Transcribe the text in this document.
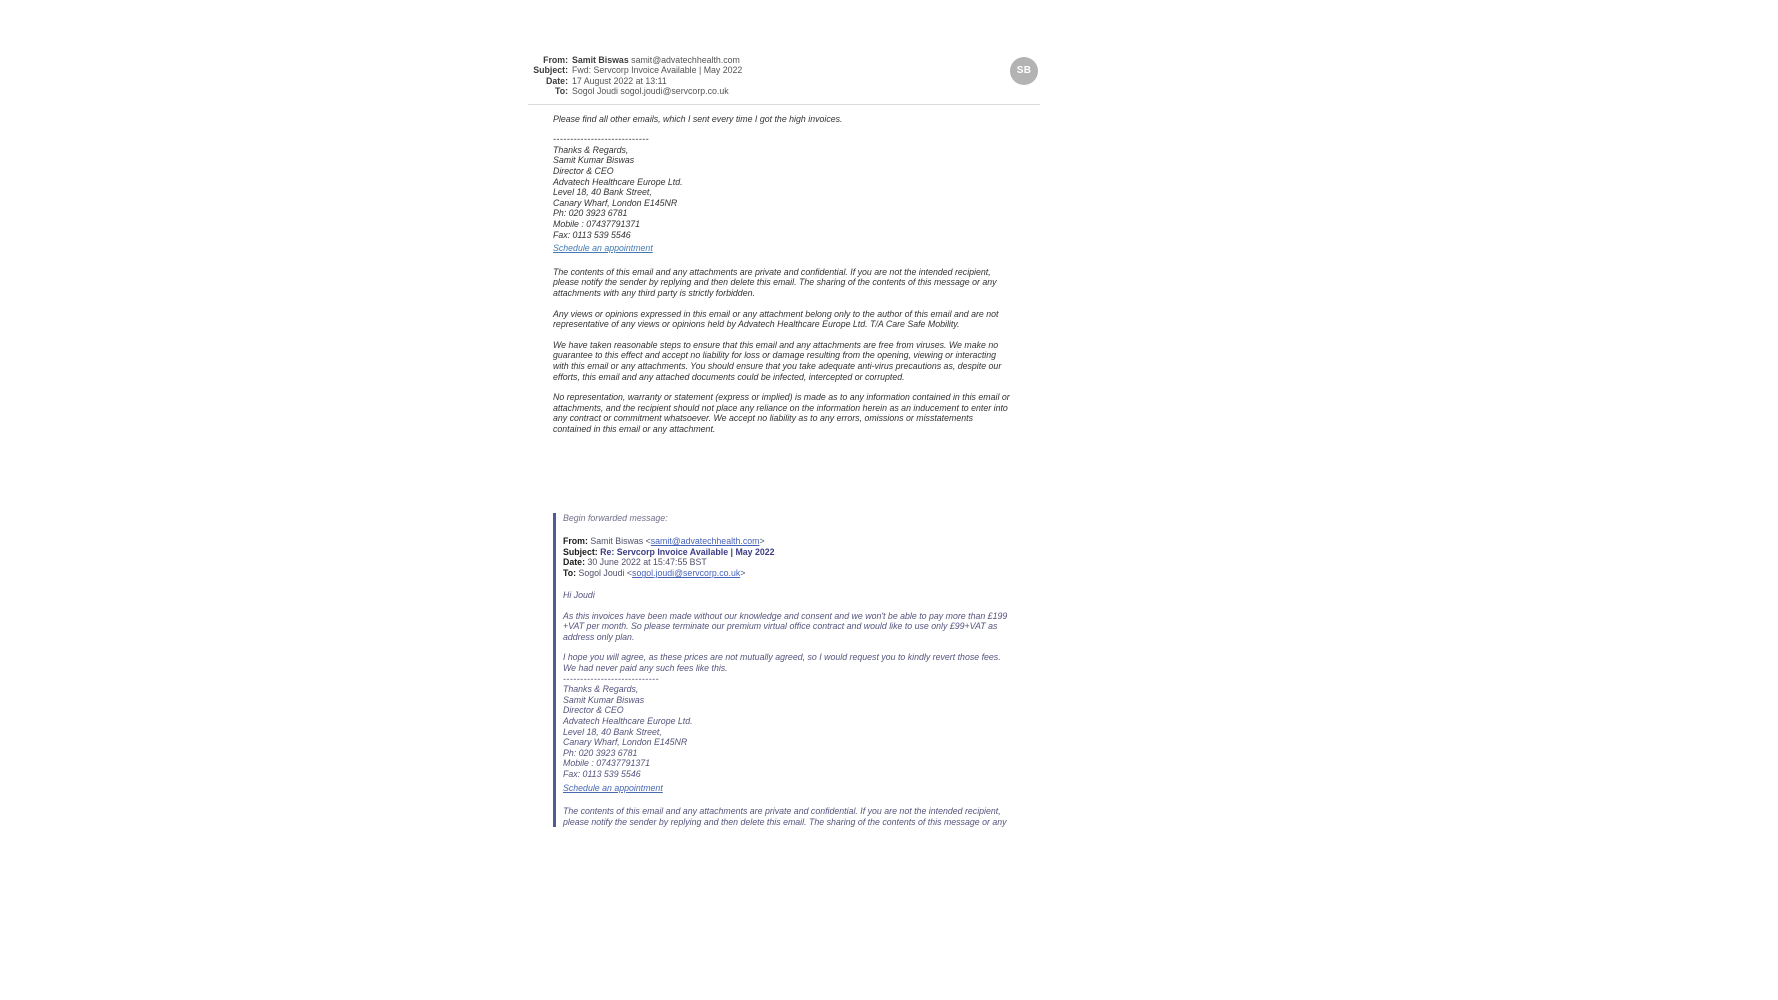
From: Samit Biswas samit@advatechhealth.com
Subject: Fwd: Servcorp Invoice Available | May 2022
Date: 17 August 2022 at 13:11
To: Sogol Joudi sogol.joudi@servcorp.co.uk
SB
Please find all other emails, which I sent every time I got the high invoices.
----------------------------
Thanks & Regards,
Samit Kumar Biswas
Director & CEO
Advatech Healthcare Europe Ltd.
Level 18, 40 Bank Street,
Canary Wharf, London E145NR
Ph: 020 3923 6781
Mobile : 07437791371
Fax: 0113 539 5546
Schedule an appointment
The contents of this email and any attachments are private and confidential. If you are not the intended recipient,
please notify the sender by replying and then delete this email. The sharing of the contents of this message or any
attachments with any third party is strictly forbidden.
Any views or opinions expressed in this email or any attachment belong only to the author of this email and are not
representative of any views or opinions held by Advatech Healthcare Europe Ltd. T/A Care Safe Mobility.
We have taken reasonable steps to ensure that this email and any attachments are free from viruses. We make no
guarantee to this effect and accept no liability for loss or damage resulting from the opening, viewing or interacting
with this email or any attachments. You should ensure that you take adequate anti-virus precautions as, despite our
efforts, this email and any attached documents could be infected, intercepted or corrupted.
No representation, warranty or statement (express or implied) is made as to any information contained in this email or
attachments, and the recipient should not place any reliance on the information herein as an inducement to enter into
any contract or commitment whatsoever. We accept no liability as to any errors, omissions or misstatements
contained in this email or any attachment.
Begin forwarded message:
From: Samit Biswas <samit@advatechhealth.com>
Subject: Re: Servcorp Invoice Available | May 2022
Date: 30 June 2022 at 15:47:55 BST
To: Sogol Joudi <sogol.joudi@servcorp.co.uk>
Hi Joudi
As this invoices have been made without our knowledge and consent and we won't be able to pay more than £199
+VAT per month. So please terminate our premium virtual office contract and would like to use only £99+VAT as
address only plan.
I hope you will agree, as these prices are not mutually agreed, so I would request you to kindly revert those fees.
We had never paid any such fees like this.
----------------------------
Thanks & Regards,
Samit Kumar Biswas
Director & CEO
Advatech Healthcare Europe Ltd.
Level 18, 40 Bank Street,
Canary Wharf, London E145NR
Ph: 020 3923 6781
Mobile : 07437791371
Fax: 0113 539 5546
Schedule an appointment
The contents of this email and any attachments are private and confidential. If you are not the intended recipient,
please notify the sender by replying and then delete this email. The sharing of the contents of this message or any
